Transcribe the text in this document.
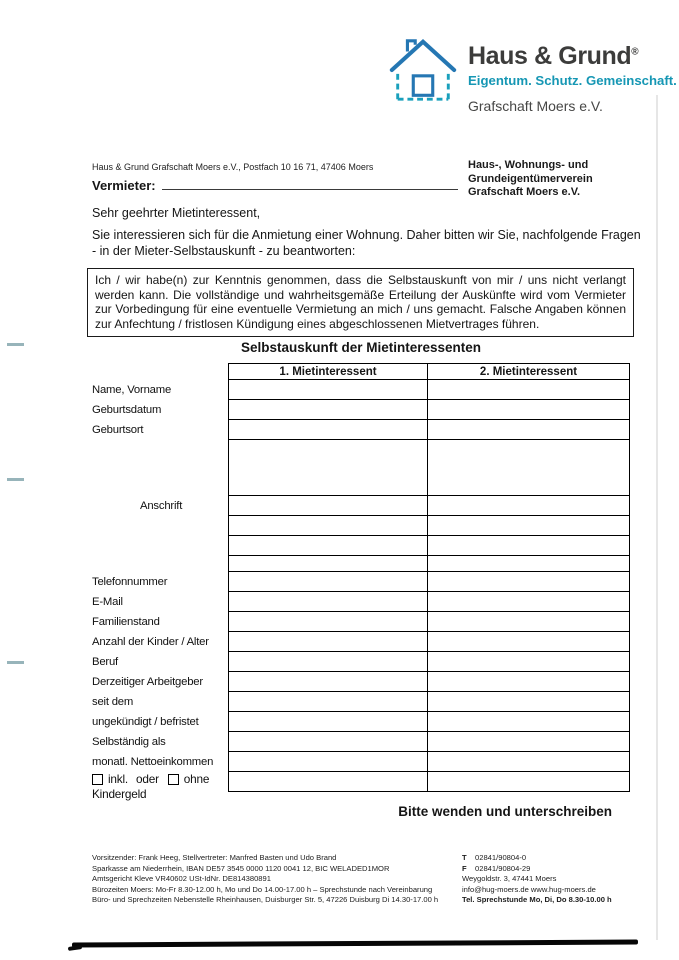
Haus & Grund®
Eigentum. Schutz. Gemeinschaft.
Grafschaft Moers e.V.
Haus & Grund Grafschaft Moers e.V., Postfach 10 16 71, 47406 Moers
Vermieter:
Haus-, Wohnungs- und
Grundeigentümerverein
Grafschaft Moers e.V.
Sehr geehrter Mietinteressent,
Sie interessieren sich für die Anmietung einer Wohnung. Daher bitten wir Sie, nachfolgende Fragen
- in der Mieter-Selbstauskunft - zu beantworten:
Ich / wir habe(n) zur Kenntnis genommen, dass die Selbstauskunft von mir / uns nicht verlangt werden kann. Die vollständige und wahrheitsgemäße Erteilung der Auskünfte wird vom Vermieter zur Vorbedingung für eine eventuelle Vermietung an mich / uns gemacht. Falsche Angaben können zur Anfechtung / fristlosen Kündigung eines abgeschlossenen Mietvertrages führen.
Selbstauskunft der Mietinteressenten
1. Mietinteressent	2. Mietinteressent
Name, Vorname
Geburtsdatum
Geburtsort
Anschrift
Telefonnummer
E-Mail
Familienstand
Anzahl der Kinder / Alter
Beruf
Derzeitiger Arbeitgeber
seit dem
ungekündigt / befristet
Selbständig als
monatl. Nettoeinkommen
inkl. oder ohne
Kindergeld
Bitte wenden und unterschreiben
Vorsitzender: Frank Heeg, Stellvertreter: Manfred Basten und Udo Brand
Sparkasse am Niederrhein, IBAN DE57 3545 0000 1120 0041 12, BIC WELADED1MOR
Amtsgericht Kleve VR40602 USt-IdNr. DE814380891
Bürozeiten Moers: Mo-Fr 8.30-12.00 h, Mo und Do 14.00-17.00 h – Sprechstunde nach Vereinbarung
Büro- und Sprechzeiten Nebenstelle Rheinhausen, Duisburger Str. 5, 47226 Duisburg Di 14.30-17.00 h
T 02841/90804-0
F 02841/90804-29
Weygoldstr. 3, 47441 Moers
info@hug-moers.de www.hug-moers.de
Tel. Sprechstunde Mo, Di, Do 8.30-10.00 h
